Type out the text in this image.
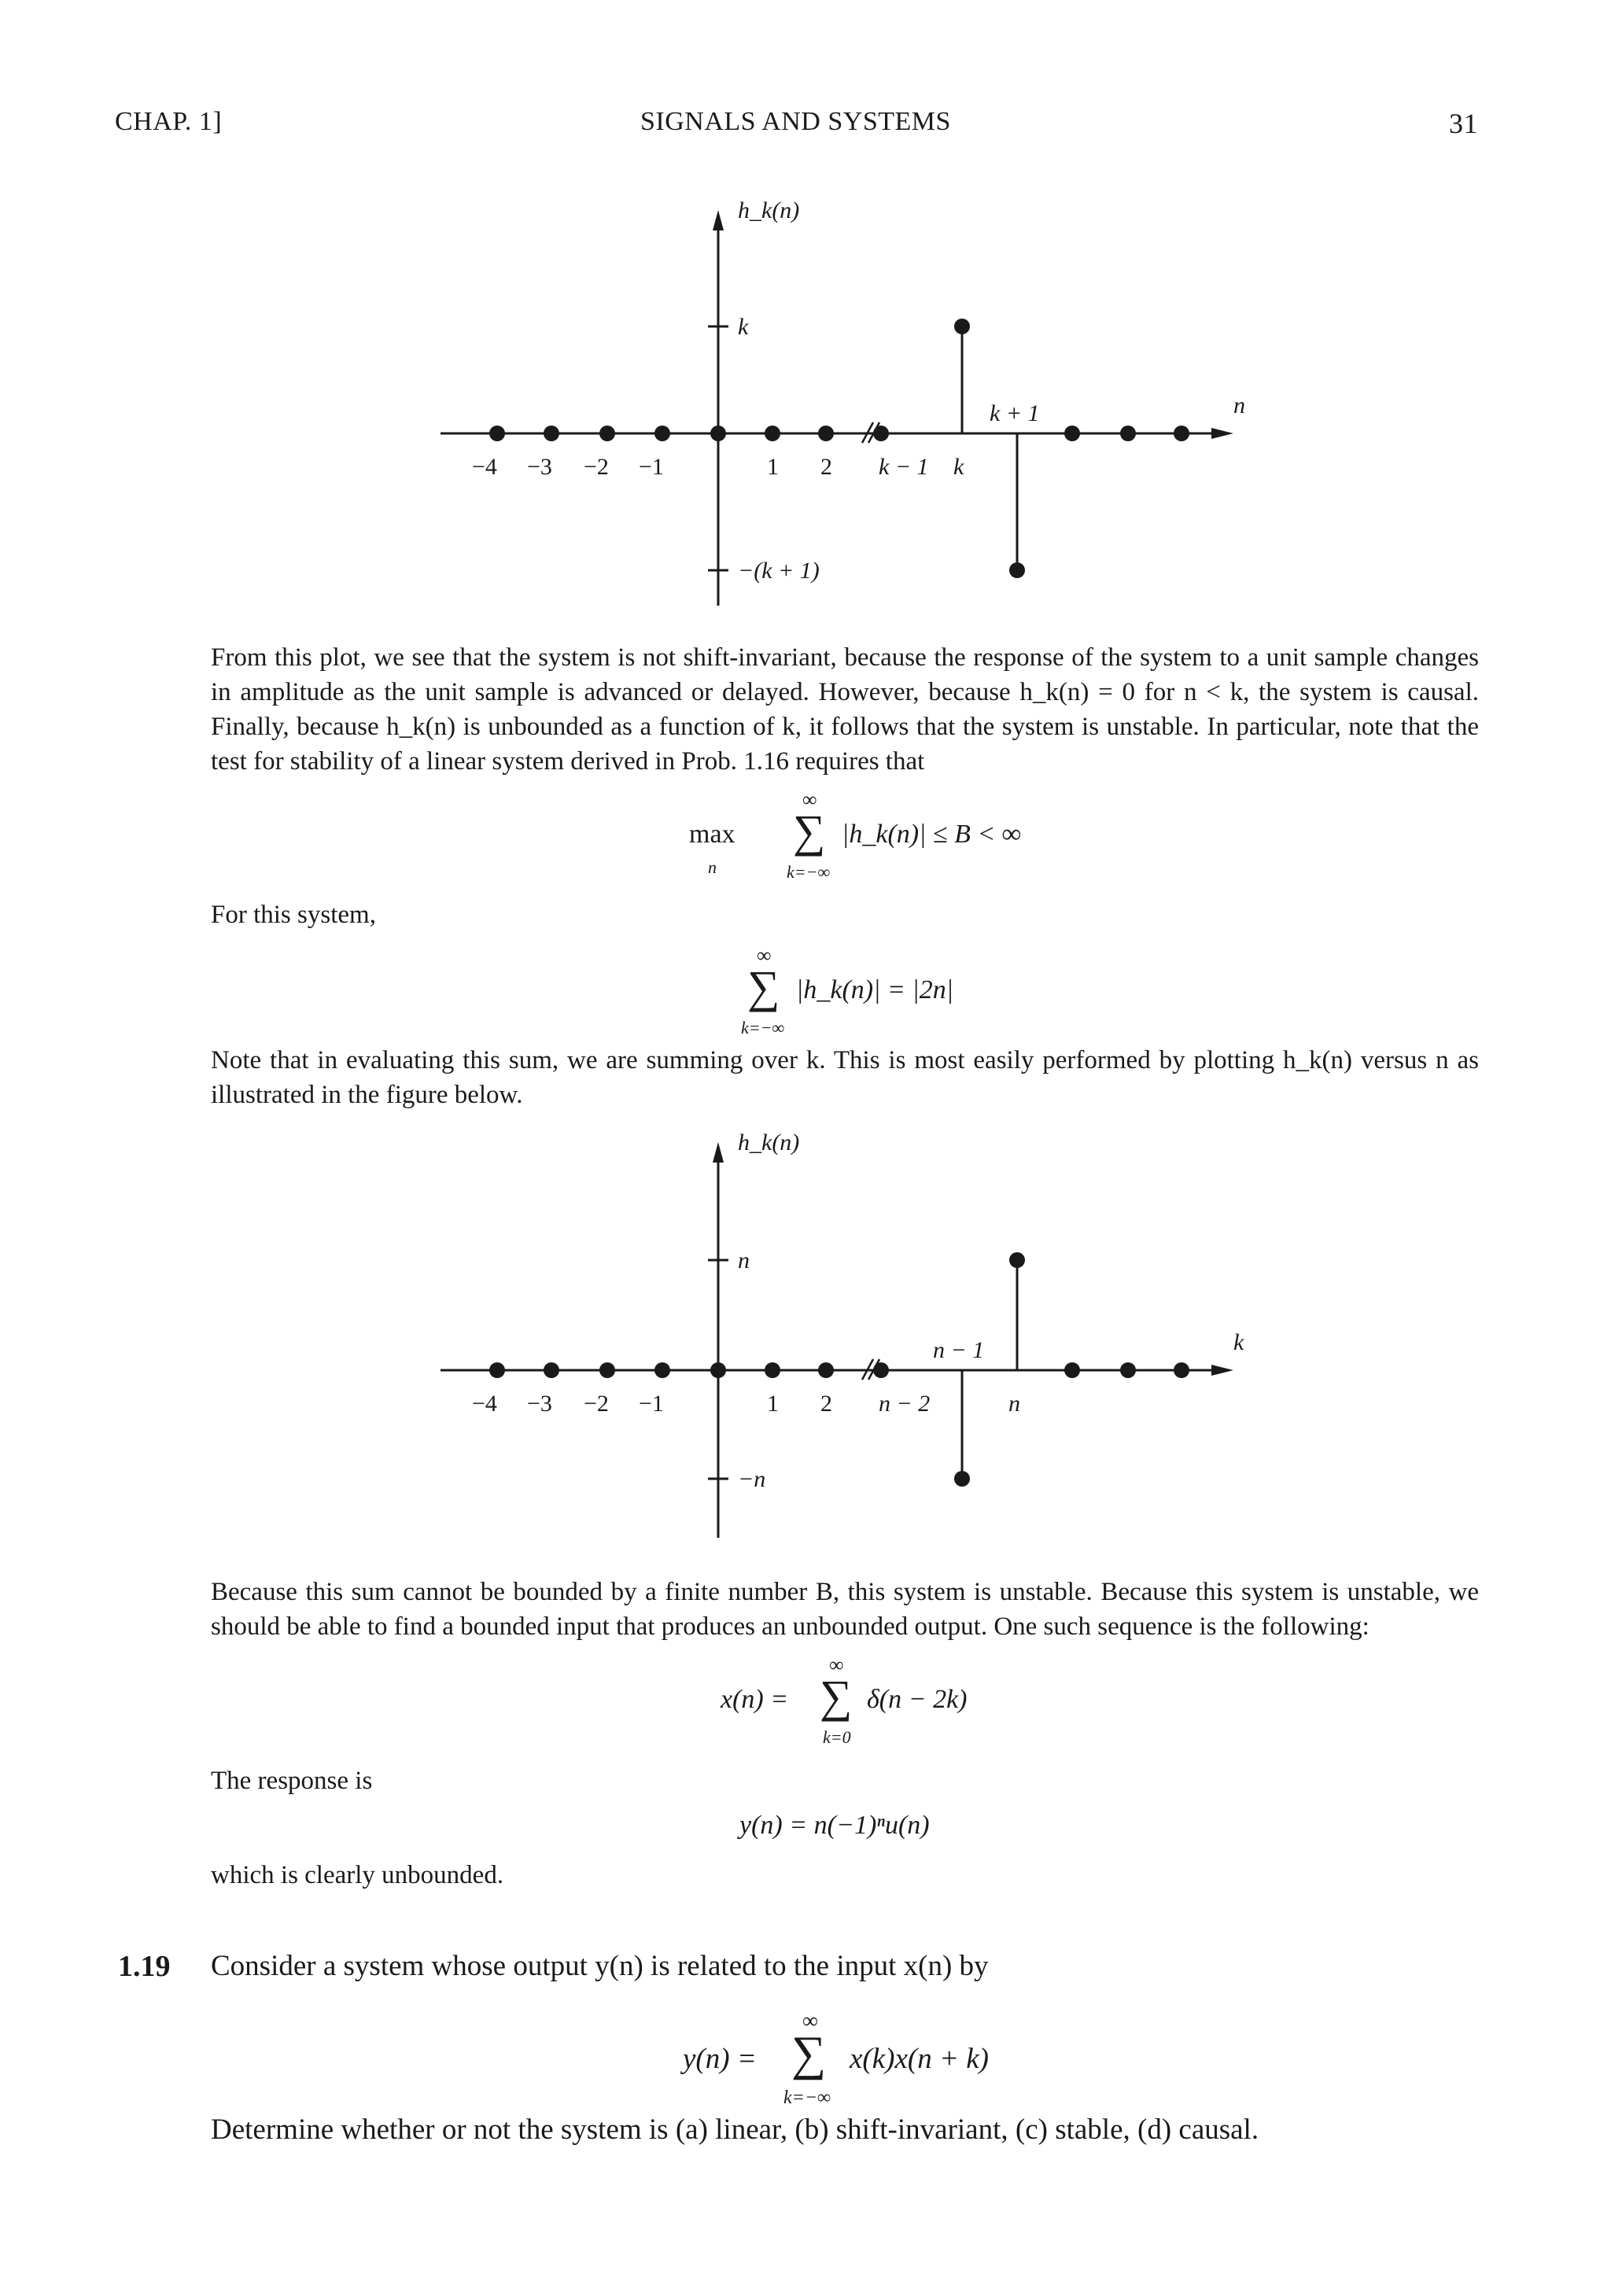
CHAP. 1]	SIGNALS AND SYSTEMS	31
h_k(n)
k
−(k + 1)
n
k + 1
−4 −3 −2 −1	1 2 k − 1 k
From this plot, we see that the system is not shift-invariant, because the response of the system to a unit sample changes in amplitude as the unit sample is advanced or delayed. However, because h_k(n) = 0 for n < k, the system is causal. Finally, because h_k(n) is unbounded as a function of k, it follows that the system is unstable. In particular, note that the test for stability of a linear system derived in Prob. 1.16 requires that
max
n
∞
∑
k=−∞
|h_k(n)| ≤ B < ∞
For this system,
∞
∑
k=−∞
|h_k(n)| = |2n|
Note that in evaluating this sum, we are summing over k. This is most easily performed by plotting h_k(n) versus n as illustrated in the figure below.
h_k(n)
n
−n
k
n − 1
−4 −3 −2 −1	1 2 n − 2	n
Because this sum cannot be bounded by a finite number B, this system is unstable. Because this system is unstable, we should be able to find a bounded input that produces an unbounded output. One such sequence is the following:
x(n) =
∞
∑
k=0
δ(n − 2k)
The response is
y(n) = n(−1)ⁿu(n)
which is clearly unbounded.
1.19 Consider a system whose output y(n) is related to the input x(n) by
y(n) =
∞
∑
k=−∞
x(k)x(n + k)
Determine whether or not the system is (a) linear, (b) shift-invariant, (c) stable, (d) causal.
